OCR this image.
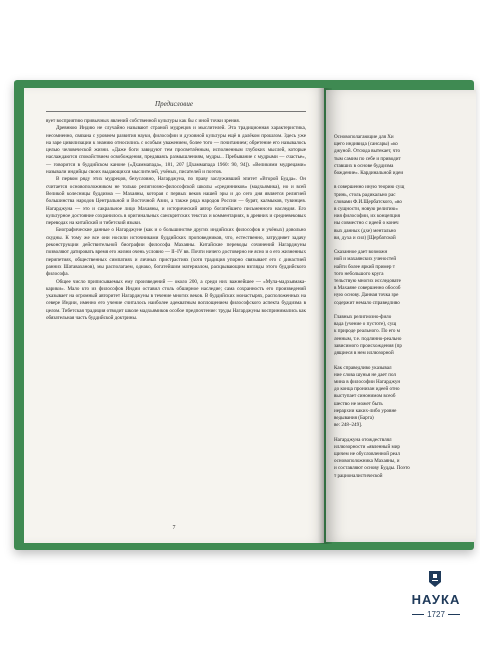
Предисловие

вует восприятию привычных явлений собственной культуры как бы с иной точки зрения.

Древнюю Индию не случайно называют страной мудрецов и мыслителей. Эта традиционная характеристика, несомненно, связана с уровнем развития науки, философии и духовной культуры ещё в далёком прошлом. Здесь уже на заре цивилизации к знанию относились с особым уважением, более того — почитанием; обретение его называлось целью человеческой жизни. «Даже боги завидуют тем просветлённым, исполненным глубоких мыслей, которые наслаждаются спокойствием освобождения, предаваясь размышлениям, мудры... Пребывание с мудрыми — счастье», — говорится в буддийском каноне («Дхаммапада», 181, 207 [Дхаммапада 1960: 90, 94]). «Великими мудрецами» называли индийцы своих выдающихся мыслителей, учёных, писателей и поэтов.

В первом ряду этих мудрецов, безусловно, Нагарджуна, по праву заслуживший эпитет «Второй Будда». Он считается основоположником не только религиозно-философской школы «срединников» (мадхьямика), но и всей Великой колесницы буддизма — Махаяны, которая с первых веков нашей эры и до сего дня является религией большинства народов Центральной и Восточной Азии, а также ряда народов России — бурят, калмыков, тувинцев. Нагарджуна — это и сакральное лицо Махаяны, и исторический автор богатейшего письменного наследия. Его культурное достояние сохранилось в оригинальных санскритских текстах и комментариях, в древних и средневековых переводах на китайский и тибетский языки.

Биографические данные о Нагарджуне (как и о большинстве других индийских философов и учёных) довольно скудны. К тому же все они носили источниками буддийских проповедников, что, естественно, затрудняет задачу реконструкции действительной биографии философа Махаяны. Китайские переводы сочинений Нагарджуны позволяют датировать время его жизни очень условно — II–IV вв. Почти ничего достоверно не ясно и о его жизненных перипетиях, общественных симпатиях и личных пристрастиях (хотя традиция упорно связывает его с династией ранних Шатаваханов), мы располагаем, однако, богатейшим материалом, раскрывающим взгляды этого буддийского философа.

Общее число приписываемых ему произведений — около 200, а среди них важнейшее — «Мула-мадхьямака-карики». Мало кто из философов Индии оставил столь обширное наследие; сама сохранность его произведений указывает на огромный авторитет Нагарджуны в течение многих веков. В буддийских монастырях, расположенных на севере Индии, именно его учение считалось наиболее адекватным воплощением философского аспекта буддизма в целом. Тибетская традиция отводит школе мадхьямиков особое предпочтение: труды Нагарджуны воспринимались как обязательная часть буддийской доктрины.

7
Основополагающие для Хи
щего индивида (сансары) «ко
джуной. Отсюда вытекает, что
тым самим по себе и приводит
ставших в основе буддизма
бождение». Кардинальной идеи

в совершенно иную теорию сущ
тринь, столь радикально рас
словами Ф.И.Щербатского, «во
в сущности, новую религию»
ния философии, их концепция
ны совместно с идеей о конеч
вых данных (дхе) ментально
ви, духа и сил) [Щербатской

Сказанное дает возможн
ной и махаянских ученостей
найти более яркий пример т
того небольшого круга
тельствую многих исследовате
в Махаяне совершенно обособ
ную основу. Данная точка зре
содержит немало справедливо

Главных религиозно-фило
вада (учение о пустоте), сущ
к природе реального. По его м
ленным, т.е. подлинно-реально
зависимого происхождения (пр
дящиеся в нем иллюзорной

Как справедливо указывал
ние слова шунья не дает пол
мина в философии Нагарджун
до конца пронизан идеей отно
выступает синонимом всеоб
шество не может быть
иерархии каких-либо уровне
ведывания (Барга)
ве: 248–249].

Нагарджуна отождествлял
иллюзорности «явленный мир
щичем не обусловленной реал
основоположника Махаяны, и
и составляют основу Будды. Поэто
т рационалистической
НАУКА
1727
